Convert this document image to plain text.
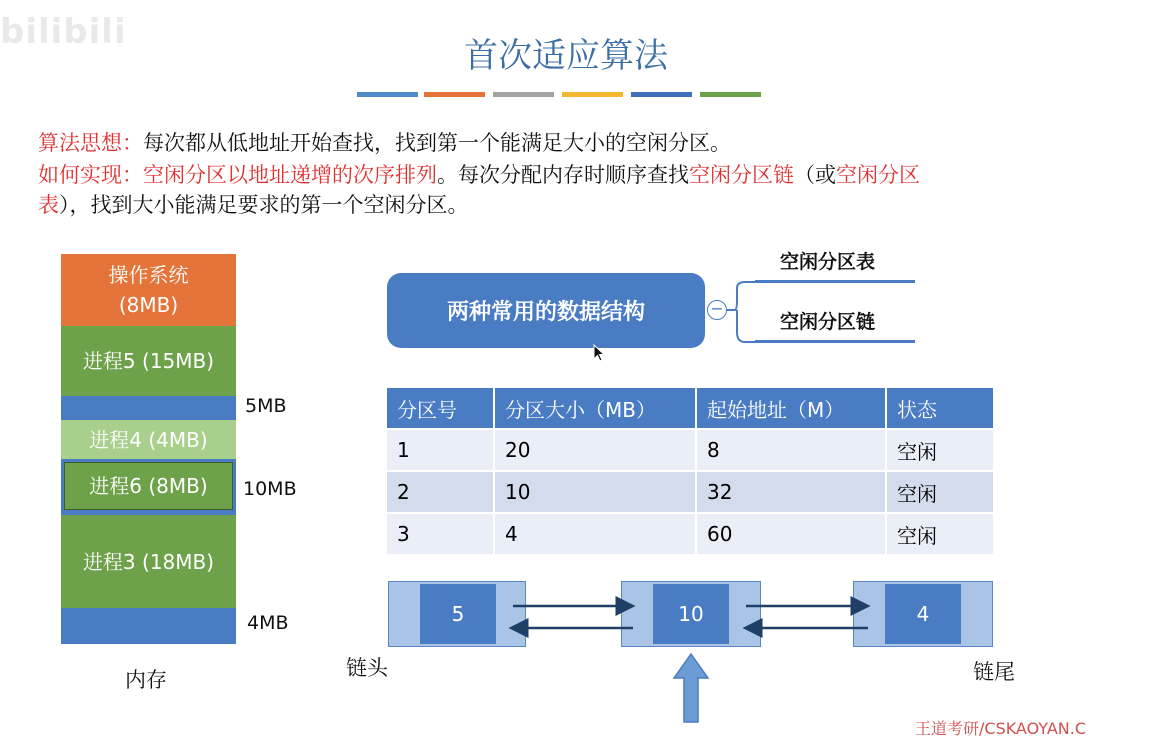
bilibili
首次适应算法
算法思想：每次都从低地址开始查找，找到第一个能满足大小的空闲分区。
如何实现：空闲分区以地址递增的次序排列。每次分配内存时顺序查找空闲分区链（或空闲分区
表），找到大小能满足要求的第一个空闲分区。
操作系统
(8MB)
进程5 (15MB)
进程4 (4MB)
进程6 (8MB)
进程3 (18MB)
5MB
10MB
4MB
内存
两种常用的数据结构	−
空闲分区表
空闲分区链
分区号	分区大小（MB）	起始地址（M）	状态
1	20	8	空闲
2	10	32	空闲
3	4	60	空闲
5	10	4
链头	链尾
王道考研/CSKAOYAN.C
